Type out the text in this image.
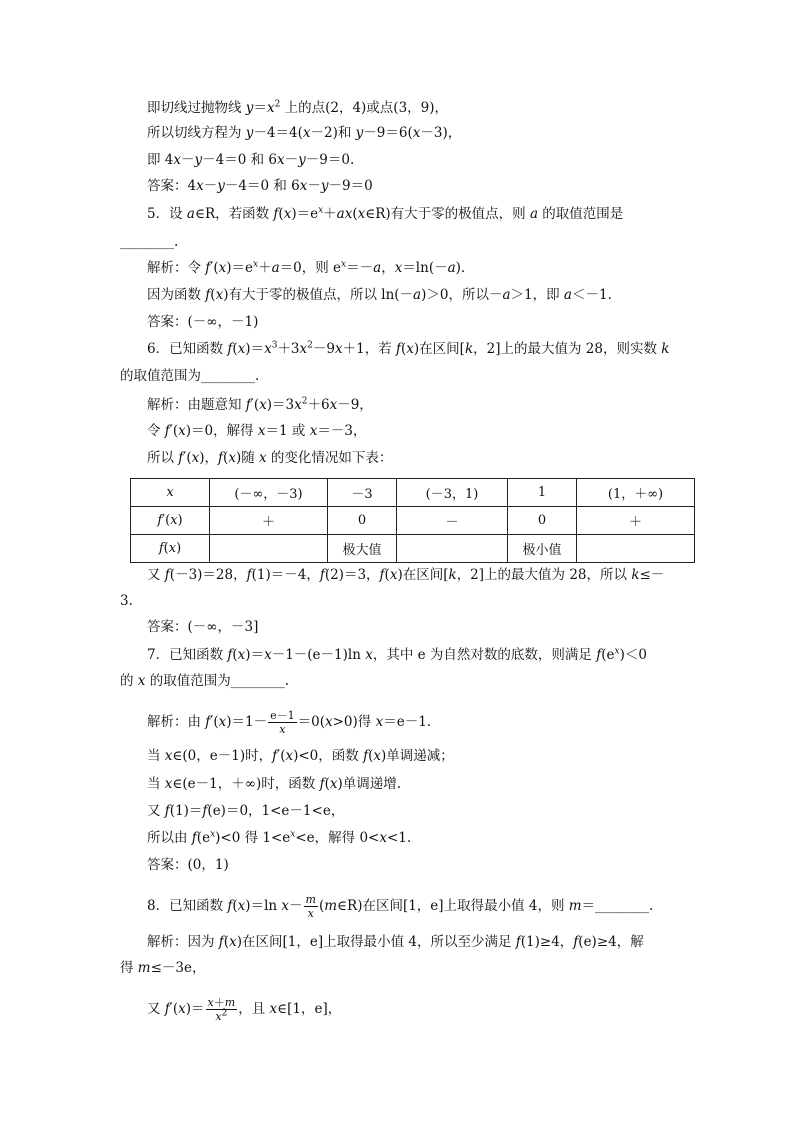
即切线过抛物线 $y=x^2$ 上的点(2，4)或点(3，9)，
所以切线方程为 y－4＝4(x－2)和 y－9＝6(x－3)，
即 4x－y－4＝0 和 6x－y－9＝0.
答案：4x－y－4＝0 和 6x－y－9＝0
5．设 a∈R，若函数 $f(x)=e^x+ax(x\in R)$有大于零的极值点，则 a 的取值范围是
________.
解析：令 $f'(x)=e^x+a=0$，则 $e^x=-a$，x＝ln(－a).
因为函数 f(x)有大于零的极值点，所以 ln(－a)＞0，所以－a＞1，即 a＜－1.
答案：(－∞，－1)
6．已知函数 $f(x)=x^3+3x^2-9x+1$，若 f(x)在区间[k，2]上的最大值为 28，则实数 k
的取值范围为________.
解析：由题意知 $f'(x)=3x^2+6x-9$，
令 f′(x)＝0，解得 x＝1 或 x＝－3，
所以 f′(x)，f(x)随 x 的变化情况如下表：
x	(－∞，－3)	－3	(－3，1)	1	(1，＋∞)
f′(x)	＋	0	－	0	＋
f(x)		极大值		极小值	
又 f(－3)＝28，f(1)＝－4，f(2)＝3，f(x)在区间[k，2]上的最大值为 28，所以 k≤－
3.
答案：(－∞，－3]
7．已知函数 f(x)＝x－1－(e－1)ln x，其中 e 为自然对数的底数，则满足 $f(e^x)<0$
的 x 的取值范围为________.
解析：由 $f'(x)=1- \frac{e-1}{x} =0(x>0)$得 x＝e－1.
当 x∈(0，e－1)时，f′(x)<0，函数 f(x)单调递减；
当 x∈(e－1，＋∞)时，函数 f(x)单调递增.
又 f(1)＝f(e)＝0，1<e－1<e，
所以由 $f(e^x)<0$ 得 $1<e^x<e$，解得 0<x<1.
答案：(0，1)
8．已知函数 f(x)＝ln $x- \frac{m}{x}$ (m∈R)在区间[1，e]上取得最小值 4，则 m＝________.
解析：因为 f(x)在区间[1，e]上取得最小值 4，所以至少满足 f(1)≥4，f(e)≥4，解
得 m≤－3e，
又 $f'(x)= \frac{x+m}{x^2}$ ，且 x∈[1，e]，
